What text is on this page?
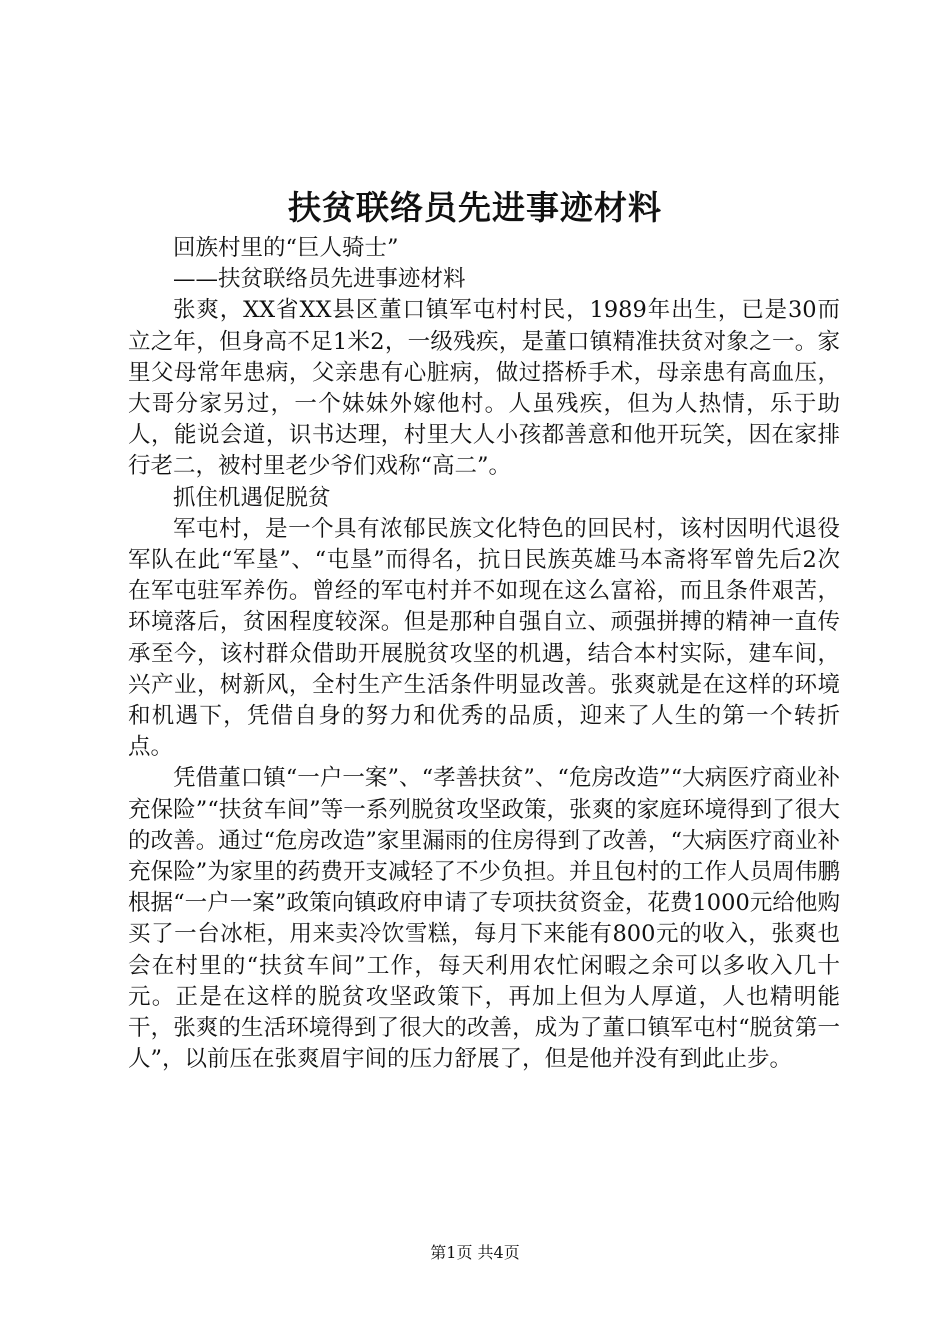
扶贫联络员先进事迹材料

回族村里的“巨人骑士”

——扶贫联络员先进事迹材料

张爽，XX省XX县区董口镇军屯村村民，1989年出生，已是30而立之年，但身高不足1米2，一级残疾，是董口镇精准扶贫对象之一。家里父母常年患病，父亲患有心脏病，做过搭桥手术，母亲患有高血压，大哥分家另过，一个妹妹外嫁他村。人虽残疾，但为人热情，乐于助人，能说会道，识书达理，村里大人小孩都善意和他开玩笑，因在家排行老二，被村里老少爷们戏称“高二”。

抓住机遇促脱贫

军屯村，是一个具有浓郁民族文化特色的回民村，该村因明代退役军队在此“军垦”、“屯垦”而得名，抗日民族英雄马本斋将军曾先后2次在军屯驻军养伤。曾经的军屯村并不如现在这么富裕，而且条件艰苦，环境落后，贫困程度较深。但是那种自强自立、顽强拼搏的精神一直传承至今，该村群众借助开展脱贫攻坚的机遇，结合本村实际，建车间，兴产业，树新风，全村生产生活条件明显改善。张爽就是在这样的环境和机遇下，凭借自身的努力和优秀的品质，迎来了人生的第一个转折点。

凭借董口镇“一户一案”、“孝善扶贫”、“危房改造”“大病医疗商业补充保险”“扶贫车间”等一系列脱贫攻坚政策，张爽的家庭环境得到了很大的改善。通过“危房改造”家里漏雨的住房得到了改善，“大病医疗商业补充保险”为家里的药费开支减轻了不少负担。并且包村的工作人员周伟鹏根据“一户一案”政策向镇政府申请了专项扶贫资金，花费1000元给他购买了一台冰柜，用来卖冷饮雪糕，每月下来能有800元的收入，张爽也会在村里的“扶贫车间”工作，每天利用农忙闲暇之余可以多收入几十元。正是在这样的脱贫攻坚政策下，再加上但为人厚道，人也精明能干，张爽的生活环境得到了很大的改善，成为了董口镇军屯村“脱贫第一人”，以前压在张爽眉宇间的压力舒展了，但是他并没有到此止步。

第1页 共4页
